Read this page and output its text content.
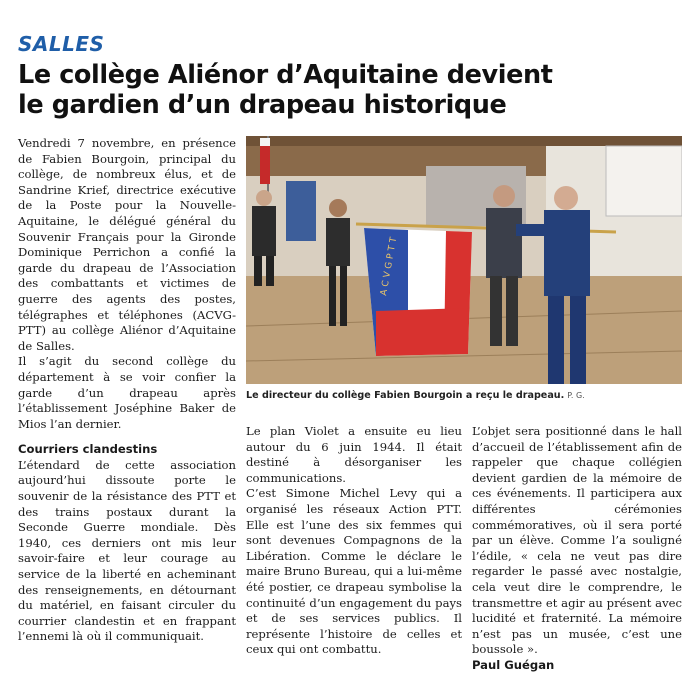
SALLES
Le collège Aliénor d’Aquitaine devient
le gardien d’un drapeau historique

Vendredi 7 novembre, en présence de Fabien Bourgoin, principal du collège, de nombreux élus, et de Sandrine Krief, directrice exécutive de la Poste pour la Nouvelle-Aquitaine, le délégué général du Souvenir Français pour la Gironde Dominique Perrichon a confié la garde du drapeau de l’Association des combattants et victimes de guerre des agents des postes, télégraphes et téléphones (ACVG-PTT) au collège Aliénor d’Aquitaine de Salles.

Il s’agit du second collège du département à se voir confier la garde d’un drapeau après l’établissement Joséphine Baker de Mios l’an dernier.

Courriers clandestins

L’étendard de cette association aujourd’hui dissoute porte le souvenir de la résistance des PTT et des trains postaux durant la Seconde Guerre mondiale. Dès 1940, ces derniers ont mis leur savoir-faire et leur courage au service de la liberté en acheminant des renseignements, en détournant du matériel, en faisant circuler du courrier clandestin et en frappant l’ennemi là où il communiquait.

A C V G P T T
Le directeur du collège Fabien Bourgoin a reçu le drapeau. P. G.

Le plan Violet a ensuite eu lieu autour du 6 juin 1944. Il était destiné à désorganiser les communications.

C’est Simone Michel Levy qui a organisé les réseaux Action PTT. Elle est l’une des six femmes qui sont devenues Compagnons de la Libération. Comme le déclare le maire Bruno Bureau, qui a lui-même été postier, ce drapeau symbolise la continuité d’un engagement du pays et de ses services publics. Il représente l’histoire de celles et ceux qui ont combattu.

L’objet sera positionné dans le hall d’accueil de l’établissement afin de rappeler que chaque collégien devient gardien de la mémoire de ces événements. Il participera aux différentes cérémonies commémoratives, où il sera porté par un élève. Comme l’a souligné l’édile, « cela ne veut pas dire regarder le passé avec nostalgie, cela veut dire le comprendre, le transmettre et agir au présent avec lucidité et fraternité. La mémoire n’est pas un musée, c’est une boussole ».

Paul Guégan
